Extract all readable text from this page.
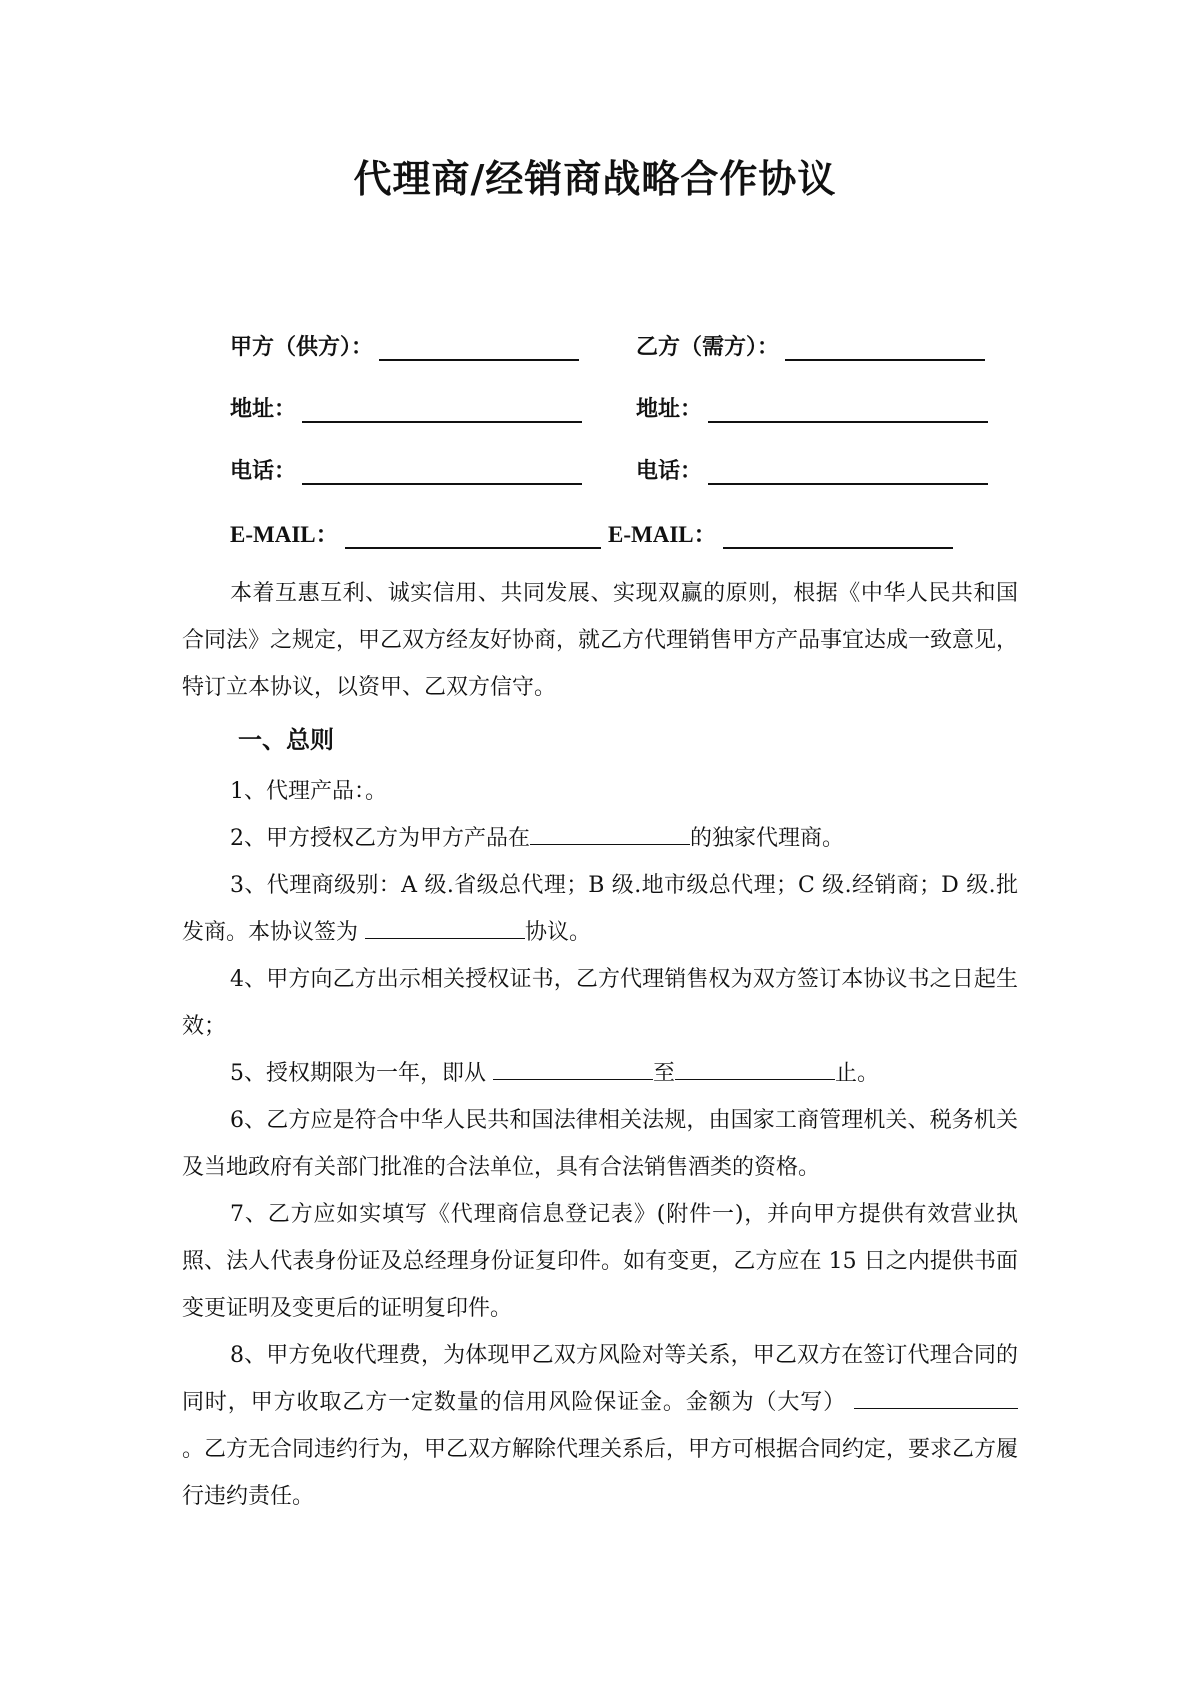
代理商/经销商战略合作协议
甲方（供方）：	乙方（需方）：
地址：	地址：
电话：	电话：
E-MAIL：	E-MAIL：

本着互惠互利、诚实信用、共同发展、实现双赢的原则，根据《中华人民共和国合同法》之规定，甲乙双方经友好协商，就乙方代理销售甲方产品事宜达成一致意见，特订立本协议，以资甲、乙双方信守。

一、总则

1、代理产品：。

2、甲方授权乙方为甲方产品在	的独家代理商。

3、代理商级别：A 级.省级总代理；B 级.地市级总代理；C 级.经销商；D 级.批发商。本协议签为	协议。

4、甲方向乙方出示相关授权证书，乙方代理销售权为双方签订本协议书之日起生效；

5、授权期限为一年，即从	至	止。

6、乙方应是符合中华人民共和国法律相关法规，由国家工商管理机关、税务机关及当地政府有关部门批准的合法单位，具有合法销售酒类的资格。

7、乙方应如实填写《代理商信息登记表》(附件一)，并向甲方提供有效营业执照、法人代表身份证及总经理身份证复印件。如有变更，乙方应在 15 日之内提供书面变更证明及变更后的证明复印件。

8、甲方免收代理费，为体现甲乙双方风险对等关系，甲乙双方在签订代理合同的同时，甲方收取乙方一定数量的信用风险保证金。金额为（大写）  。乙方无合同违约行为，甲乙双方解除代理关系后，甲方可根据合同约定，要求乙方履行违约责任。
